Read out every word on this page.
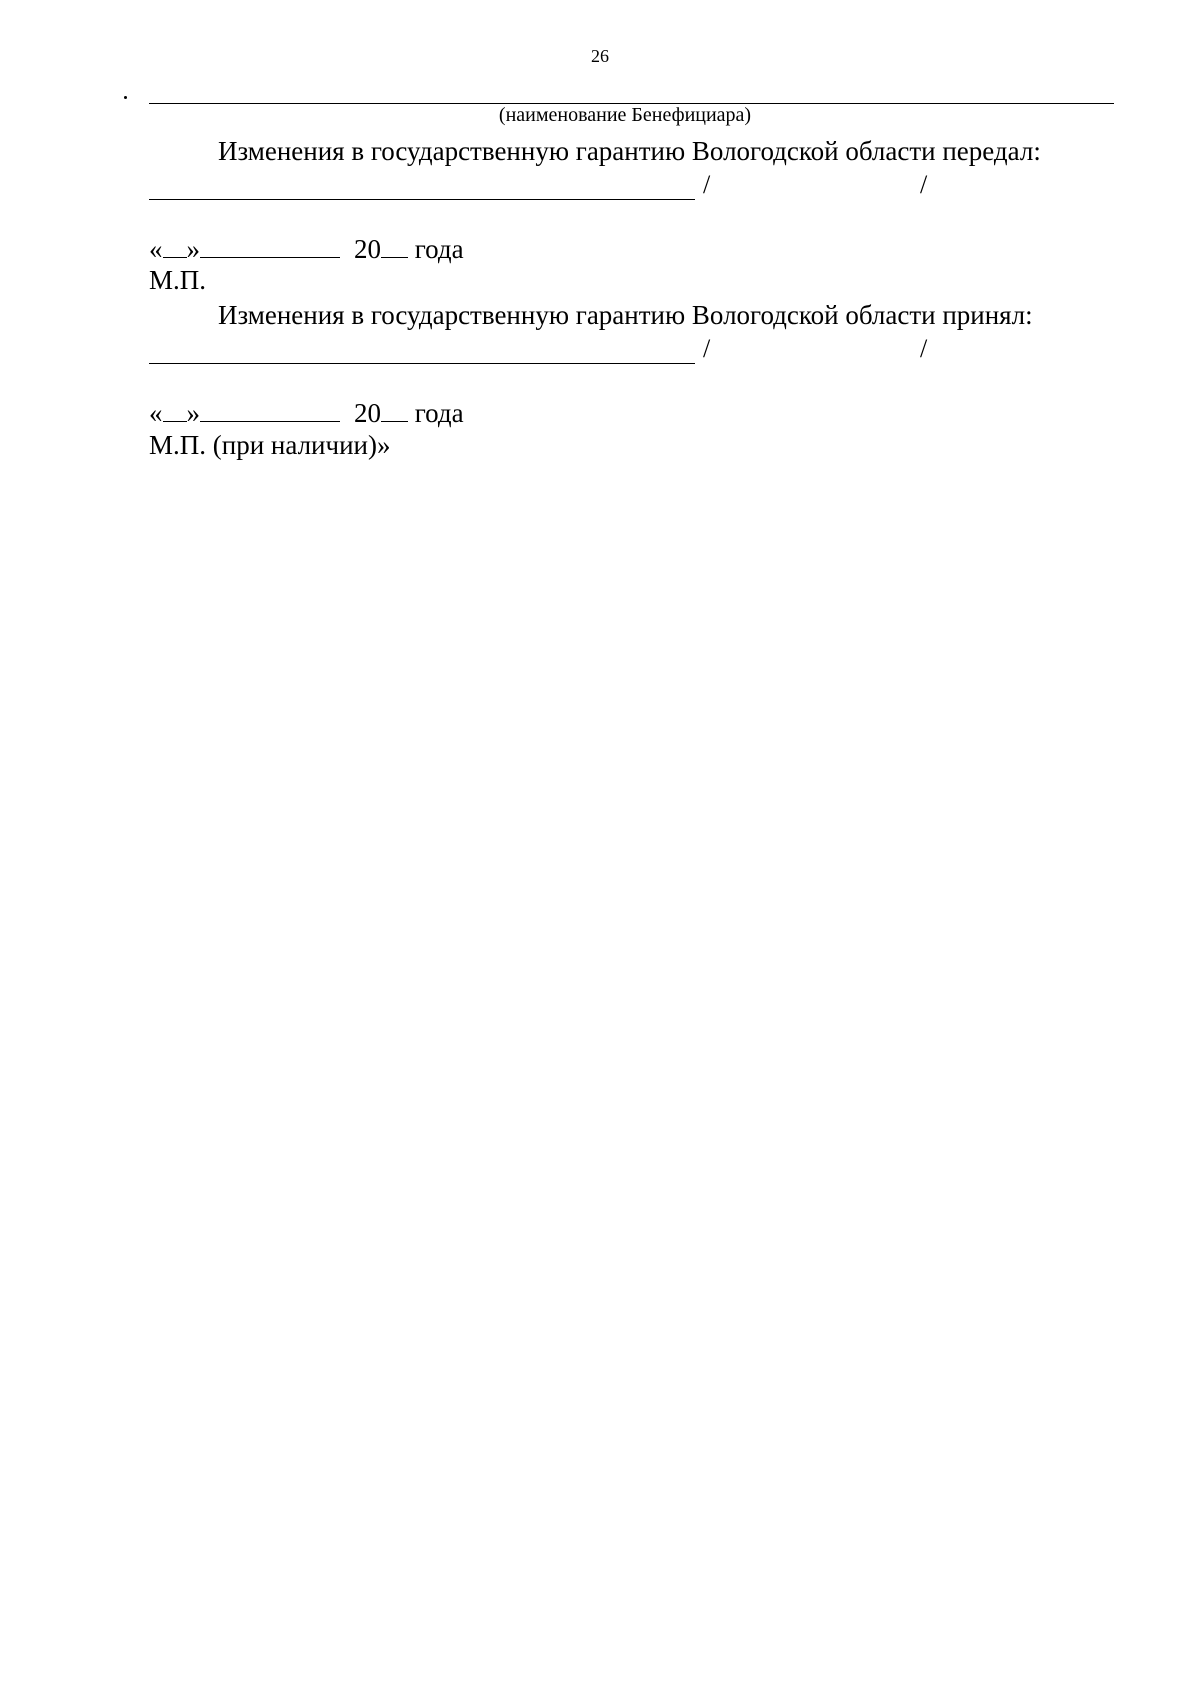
26
(наименование Бенефициара)
Изменения в государственную гарантию Вологодской области передал:
/	/
« »	20 года
М.П.
Изменения в государственную гарантию Вологодской области принял:
/	/
« »	20 года
М.П. (при наличии)»
